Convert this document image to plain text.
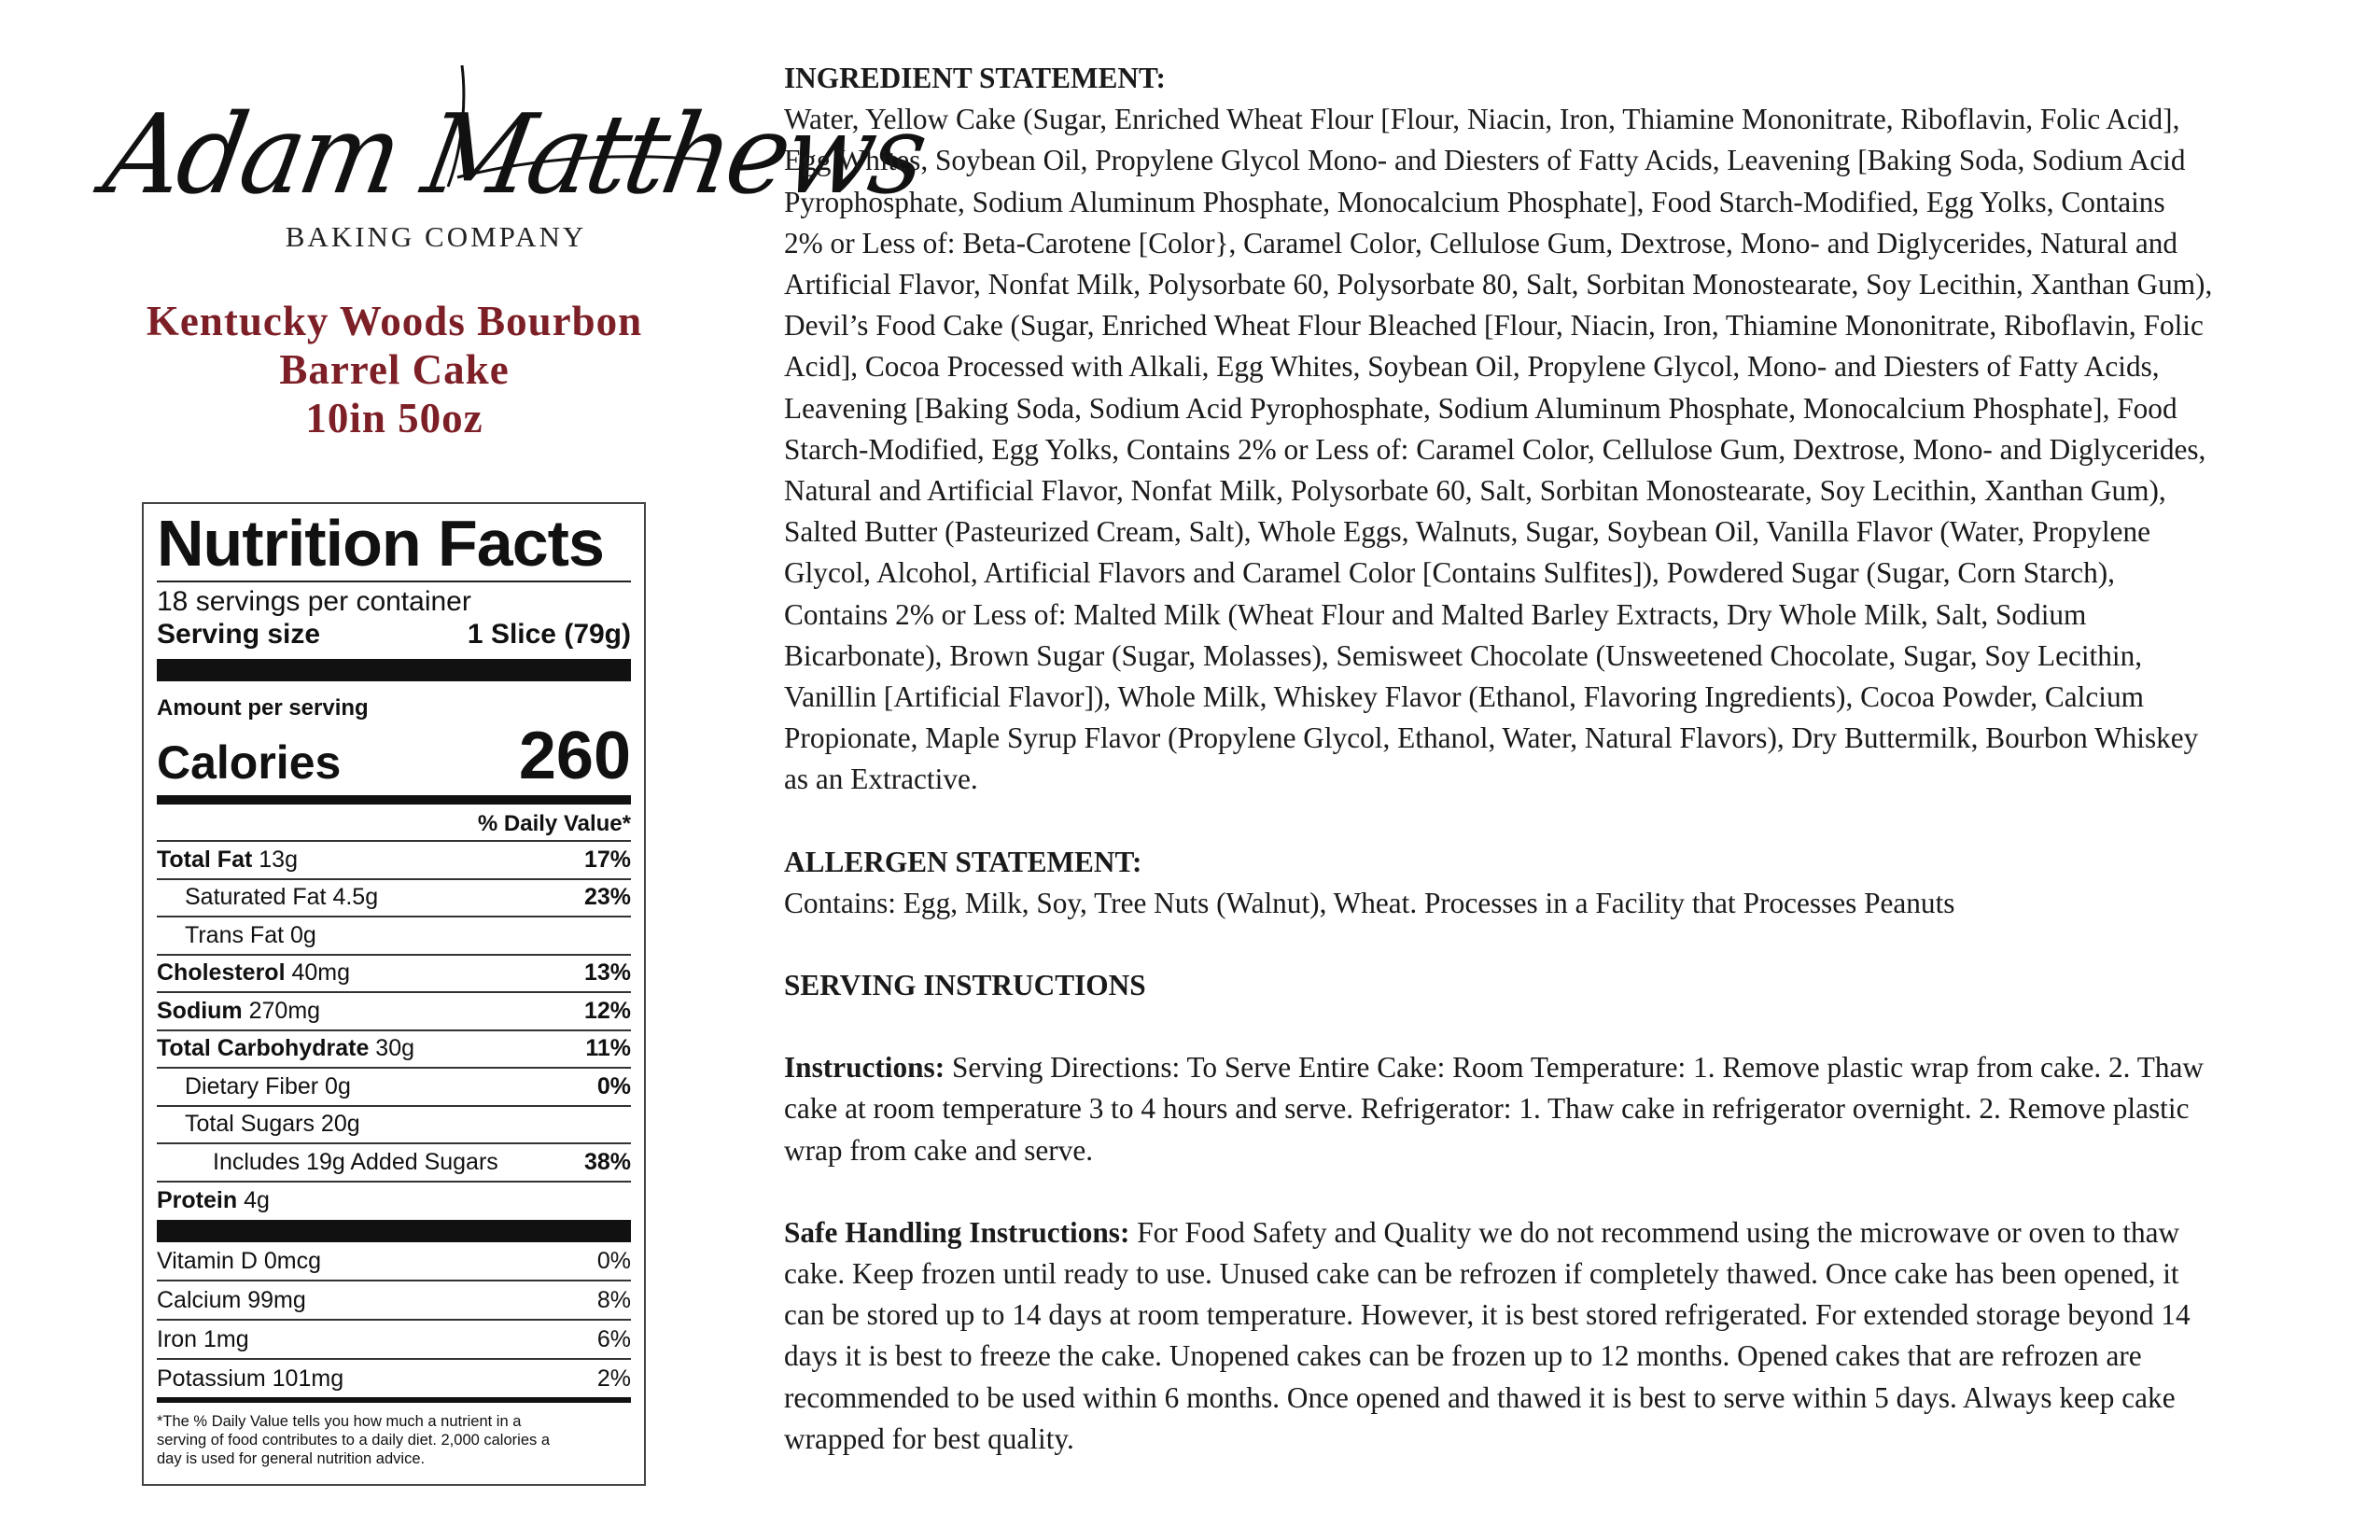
Adam Matthews
BAKING COMPANY
Kentucky Woods Bourbon
Barrel Cake
10in 50oz
Nutrition Facts
18 servings per container
Serving size	1 Slice (79g)
Amount per serving
Calories	260
% Daily Value*
Total Fat 13g	17%
Saturated Fat 4.5g	23%
Trans Fat 0g
Cholesterol 40mg	13%
Sodium 270mg	12%
Total Carbohydrate 30g	11%
Dietary Fiber 0g	0%
Total Sugars 20g
Includes 19g Added Sugars	38%
Protein 4g
Vitamin D 0mcg	0%
Calcium 99mg	8%
Iron 1mg	6%
Potassium 101mg	2%
*The % Daily Value tells you how much a nutrient in a
serving of food contributes to a daily diet. 2,000 calories a
day is used for general nutrition advice.
INGREDIENT STATEMENT:
Water, Yellow Cake (Sugar, Enriched Wheat Flour [Flour, Niacin, Iron, Thiamine Mononitrate, Riboflavin, Folic Acid],
Egg Whites, Soybean Oil, Propylene Glycol Mono- and Diesters of Fatty Acids, Leavening [Baking Soda, Sodium Acid
Pyrophosphate, Sodium Aluminum Phosphate, Monocalcium Phosphate], Food Starch-Modified, Egg Yolks, Contains
2% or Less of: Beta-Carotene [Color}, Caramel Color, Cellulose Gum, Dextrose, Mono- and Diglycerides, Natural and
Artificial Flavor, Nonfat Milk, Polysorbate 60, Polysorbate 80, Salt, Sorbitan Monostearate, Soy Lecithin, Xanthan Gum),
Devil’s Food Cake (Sugar, Enriched Wheat Flour Bleached [Flour, Niacin, Iron, Thiamine Mononitrate, Riboflavin, Folic
Acid], Cocoa Processed with Alkali, Egg Whites, Soybean Oil, Propylene Glycol, Mono- and Diesters of Fatty Acids,
Leavening [Baking Soda, Sodium Acid Pyrophosphate, Sodium Aluminum Phosphate, Monocalcium Phosphate], Food
Starch-Modified, Egg Yolks, Contains 2% or Less of: Caramel Color, Cellulose Gum, Dextrose, Mono- and Diglycerides,
Natural and Artificial Flavor, Nonfat Milk, Polysorbate 60, Salt, Sorbitan Monostearate, Soy Lecithin, Xanthan Gum),
Salted Butter (Pasteurized Cream, Salt), Whole Eggs, Walnuts, Sugar, Soybean Oil, Vanilla Flavor (Water, Propylene
Glycol, Alcohol, Artificial Flavors and Caramel Color [Contains Sulfites]), Powdered Sugar (Sugar, Corn Starch),
Contains 2% or Less of: Malted Milk (Wheat Flour and Malted Barley Extracts, Dry Whole Milk, Salt, Sodium
Bicarbonate), Brown Sugar (Sugar, Molasses), Semisweet Chocolate (Unsweetened Chocolate, Sugar, Soy Lecithin,
Vanillin [Artificial Flavor]), Whole Milk, Whiskey Flavor (Ethanol, Flavoring Ingredients), Cocoa Powder, Calcium
Propionate, Maple Syrup Flavor (Propylene Glycol, Ethanol, Water, Natural Flavors), Dry Buttermilk, Bourbon Whiskey
as an Extractive.
ALLERGEN STATEMENT:
Contains: Egg, Milk, Soy, Tree Nuts (Walnut), Wheat. Processes in a Facility that Processes Peanuts
SERVING INSTRUCTIONS
Instructions: Serving Directions: To Serve Entire Cake: Room Temperature: 1. Remove plastic wrap from cake. 2. Thaw
cake at room temperature 3 to 4 hours and serve. Refrigerator: 1. Thaw cake in refrigerator overnight. 2. Remove plastic
wrap from cake and serve.
Safe Handling Instructions: For Food Safety and Quality we do not recommend using the microwave or oven to thaw
cake. Keep frozen until ready to use. Unused cake can be refrozen if completely thawed. Once cake has been opened, it
can be stored up to 14 days at room temperature. However, it is best stored refrigerated. For extended storage beyond 14
days it is best to freeze the cake. Unopened cakes can be frozen up to 12 months. Opened cakes that are refrozen are
recommended to be used within 6 months. Once opened and thawed it is best to serve within 5 days. Always keep cake
wrapped for best quality.
